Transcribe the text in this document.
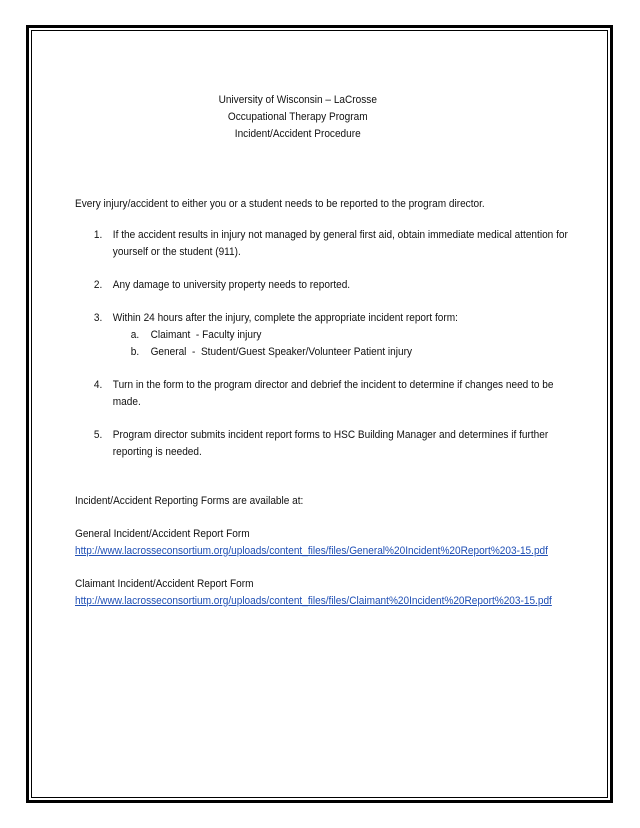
University of Wisconsin – LaCrosse
Occupational Therapy Program
Incident/Accident Procedure
Every injury/accident to either you or a student needs to be reported to the program director.
1. If the accident results in injury not managed by general first aid, obtain immediate medical attention for yourself or the student (911).
2. Any damage to university property needs to reported.
3. Within 24 hours after the injury, complete the appropriate incident report form:
a. Claimant  - Faculty injury
b. General  -  Student/Guest Speaker/Volunteer Patient injury
4. Turn in the form to the program director and debrief the incident to determine if changes need to be made.
5. Program director submits incident report forms to HSC Building Manager and determines if further reporting is needed.
Incident/Accident Reporting Forms are available at:
General Incident/Accident Report Form
http://www.lacrosseconsortium.org/uploads/content_files/files/General%20Incident%20Report%203-15.pdf
Claimant Incident/Accident Report Form
http://www.lacrosseconsortium.org/uploads/content_files/files/Claimant%20Incident%20Report%203-15.pdf
